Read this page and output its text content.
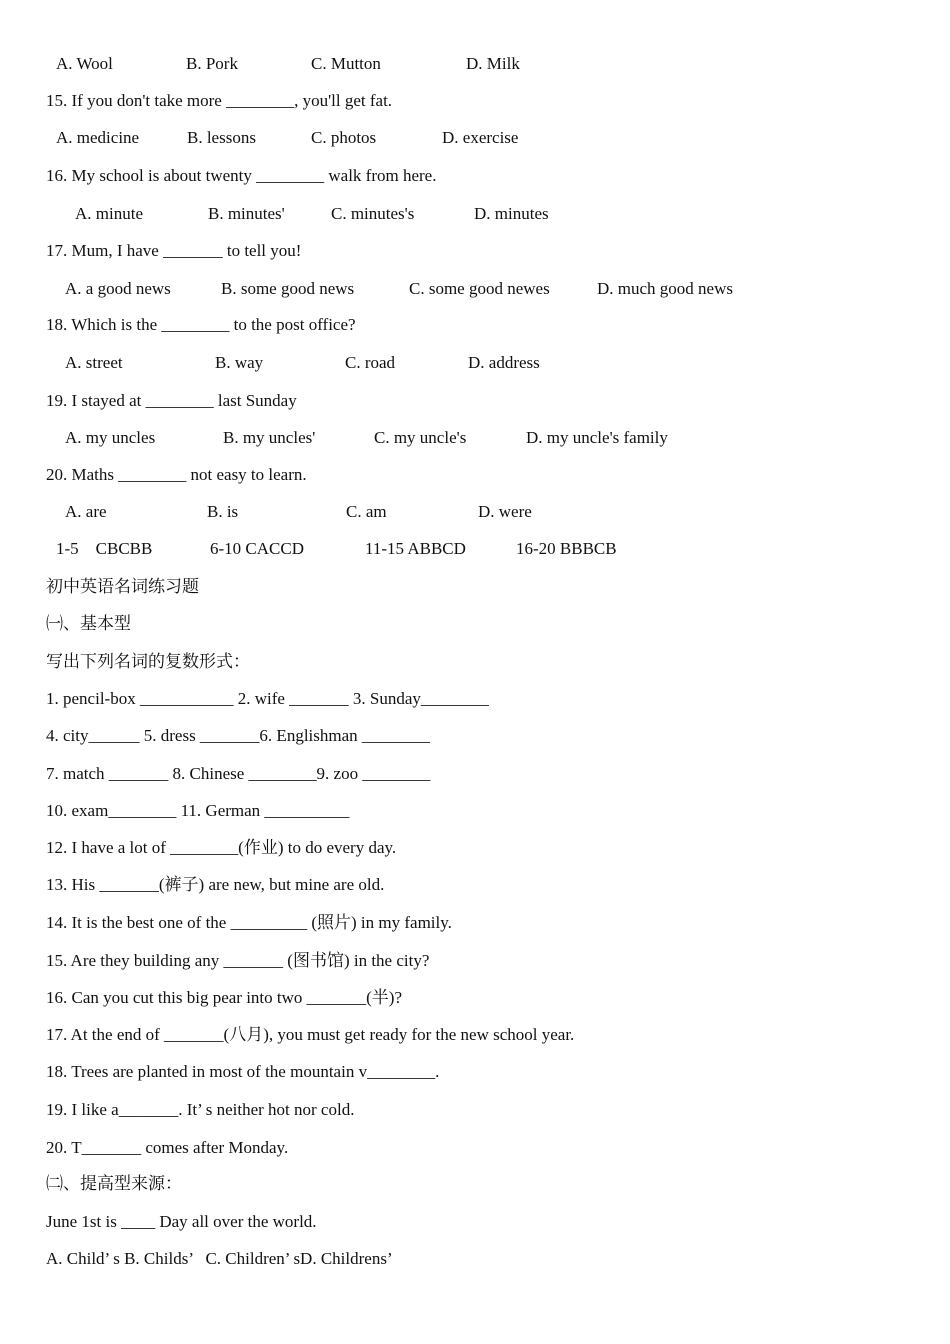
A. Wool	B. Pork	C. Mutton	D. Milk
15. If you don't take more ________, you'll get fat.
A. medicine	B. lessons	C. photos	D. exercise
16. My school is about twenty ________ walk from here.
A. minute	B. minutes'	C. minutes's	D. minutes
17. Mum, I have _______ to tell you!
A. a good news	B. some good news	C. some good newes	D. much good news
18. Which is the ________ to the post office?
A. street	B. way	C. road	D. address
19. I stayed at ________ last Sunday
A. my uncles	B. my uncles'	C. my uncle's	D. my uncle's family
20. Maths ________ not easy to learn.
A. are	B. is	C. am	D. were
1-5    CBCBB	6-10 CACCD	11-15 ABBCD	16-20 BBBCB
初中英语名词练习题
㈠、基本型
写出下列名词的复数形式：
1. pencil-box ___________ 2. wife _______ 3. Sunday________
4. city______ 5. dress _______6. Englishman ________
7. match _______ 8. Chinese ________9. zoo ________
10. exam________ 11. German __________
12. I have a lot of ________(作业) to do every day.
13. His _______(裤子) are new, but mine are old.
14. It is the best one of the _________ (照片) in my family.
15. Are they building any _______ (图书馆) in the city?
16. Can you cut this big pear into two _______(半)?
17. At the end of _______(八月), you must get ready for the new school year.
18. Trees are planted in most of the mountain v________.
19. I like a_______. It’ s neither hot nor cold.
20. T_______ comes after Monday.
㈡、提高型来源：
June 1st is ____ Day all over the world.
A. Child’ s B. Childs’   C. Children’ sD. Childrens’
